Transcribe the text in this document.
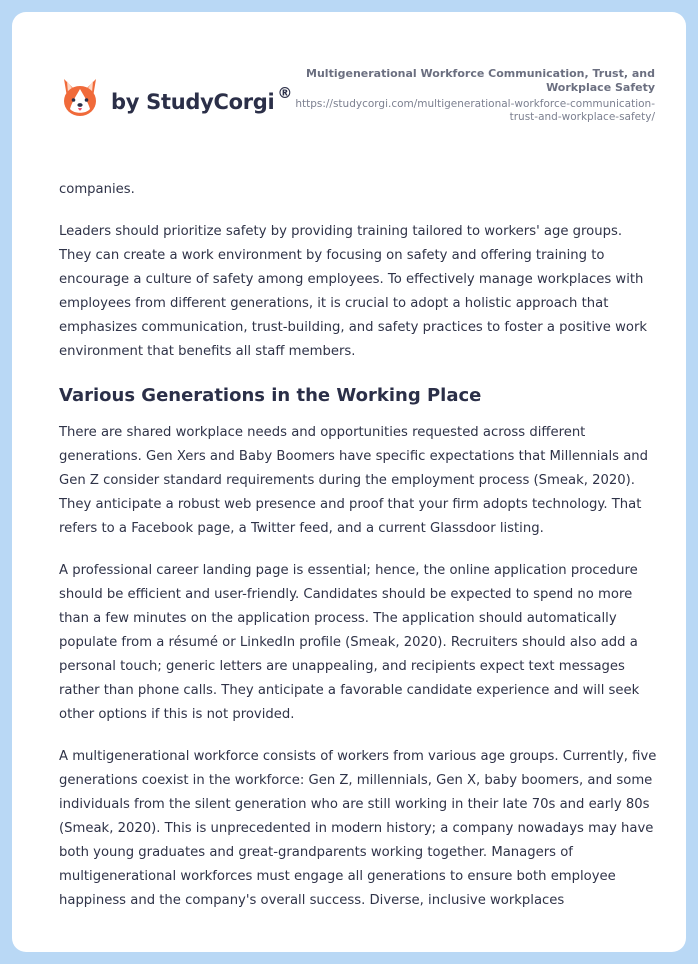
by StudyCorgi ®
Multigenerational Workforce Communication, Trust, and Workplace Safety
https://studycorgi.com/multigenerational-workforce-communication-trust-and-workplace-safety/

companies.

Leaders should prioritize safety by providing training tailored to workers' age groups. They can create a work environment by focusing on safety and offering training to encourage a culture of safety among employees. To effectively manage workplaces with employees from different generations, it is crucial to adopt a holistic approach that emphasizes communication, trust-building, and safety practices to foster a positive work environment that benefits all staff members.

Various Generations in the Working Place

There are shared workplace needs and opportunities requested across different generations. Gen Xers and Baby Boomers have specific expectations that Millennials and Gen Z consider standard requirements during the employment process (Smeak, 2020). They anticipate a robust web presence and proof that your firm adopts technology. That refers to a Facebook page, a Twitter feed, and a current Glassdoor listing.

A professional career landing page is essential; hence, the online application procedure should be efficient and user-friendly. Candidates should be expected to spend no more than a few minutes on the application process. The application should automatically populate from a résumé or LinkedIn profile (Smeak, 2020). Recruiters should also add a personal touch; generic letters are unappealing, and recipients expect text messages rather than phone calls. They anticipate a favorable candidate experience and will seek other options if this is not provided.

A multigenerational workforce consists of workers from various age groups. Currently, five generations coexist in the workforce: Gen Z, millennials, Gen X, baby boomers, and some individuals from the silent generation who are still working in their late 70s and early 80s (Smeak, 2020). This is unprecedented in modern history; a company nowadays may have both young graduates and great-grandparents working together. Managers of multigenerational workforces must engage all generations to ensure both employee happiness and the company's overall success. Diverse, inclusive workplaces
